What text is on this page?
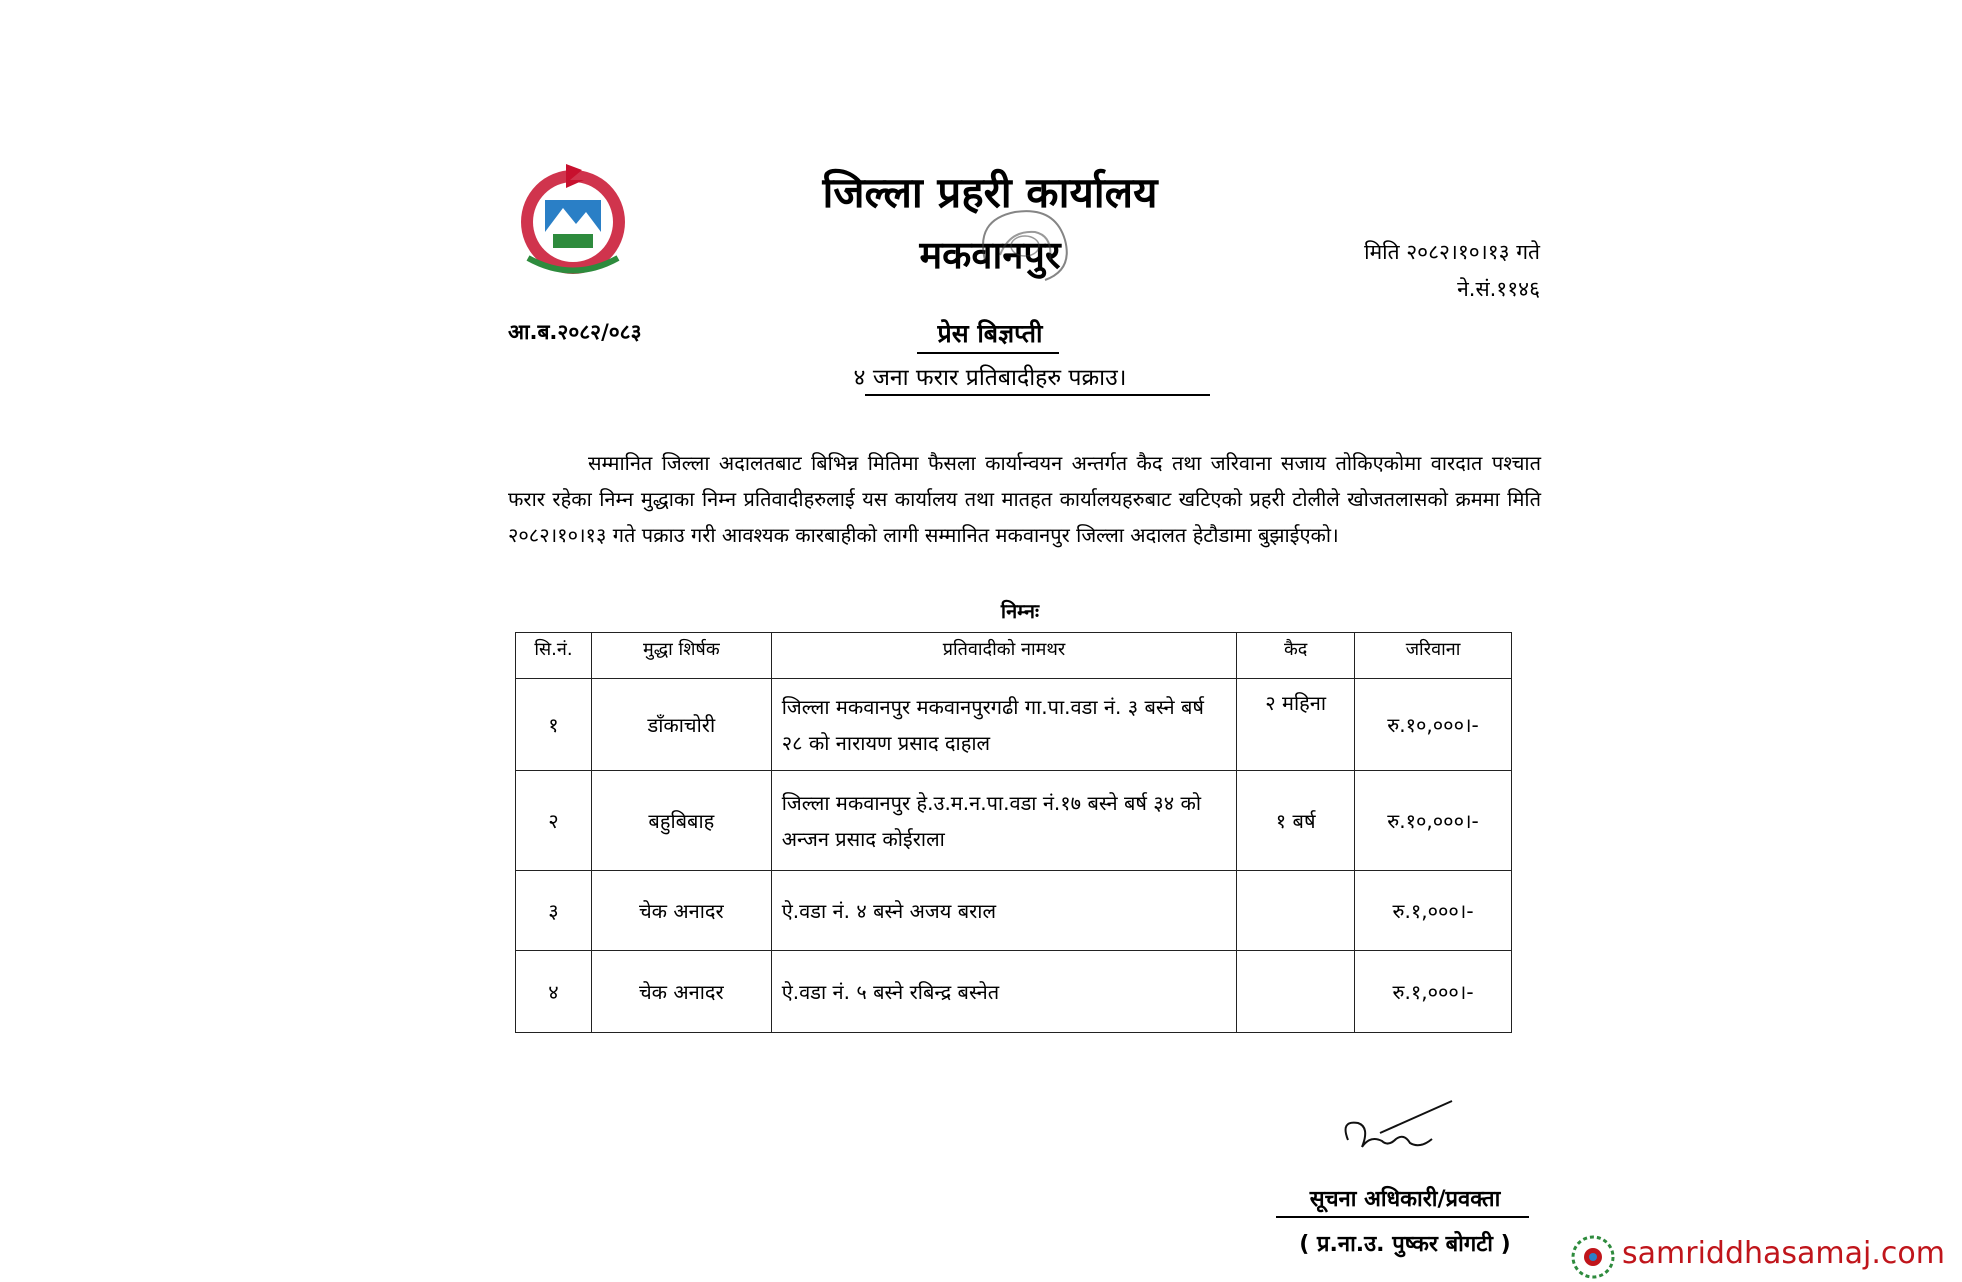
जिल्ला प्रहरी कार्यालय
मकवानपुर	मिति २०८२।१०।१३ गते
ने.सं.११४६
आ.ब.२०८२/०८३	प्रेस बिज्ञप्ती
४ जना फरार प्रतिबादीहरु पक्राउ।
सम्मानित जिल्ला अदालतबाट बिभिन्न मितिमा फैसला कार्यान्वयन अन्तर्गत कैद तथा जरिवाना सजाय तोकिएकोमा वारदात पश्चात फरार रहेका निम्न मुद्धाका निम्न प्रतिवादीहरुलाई यस कार्यालय तथा मातहत कार्यालयहरुबाट खटिएको प्रहरी टोलीले खोजतलासको क्रममा मिति २०८२।१०।१३ गते पक्राउ गरी आवश्यक कारबाहीको लागी सम्मानित मकवानपुर जिल्ला अदालत हेटौडामा बुझाईएको।
निम्नः
सि.नं.	मुद्धा शिर्षक	प्रतिवादीको नामथर	कैद	जरिवाना
१	डाँकाचोरी	जिल्ला मकवानपुर मकवानपुरगढी गा.पा.वडा नं. ३ बस्ने बर्ष २८ को नारायण प्रसाद दाहाल	२ महिना	रु.१०,०००।-
२	बहुबिबाह	जिल्ला मकवानपुर हे.उ.म.न.पा.वडा नं.१७ बस्ने बर्ष ३४ को अन्जन प्रसाद कोईराला	१ बर्ष	रु.१०,०००।-
३	चेक अनादर	ऐ.वडा नं. ४ बस्ने अजय बराल		रु.१,०००।-
४	चेक अनादर	ऐ.वडा नं. ५ बस्ने रबिन्द्र बस्नेत		रु.१,०००।-
सूचना अधिकारी/प्रवक्ता
( प्र.ना.उ. पुष्कर बोगटी )	samriddhasamaj.com
